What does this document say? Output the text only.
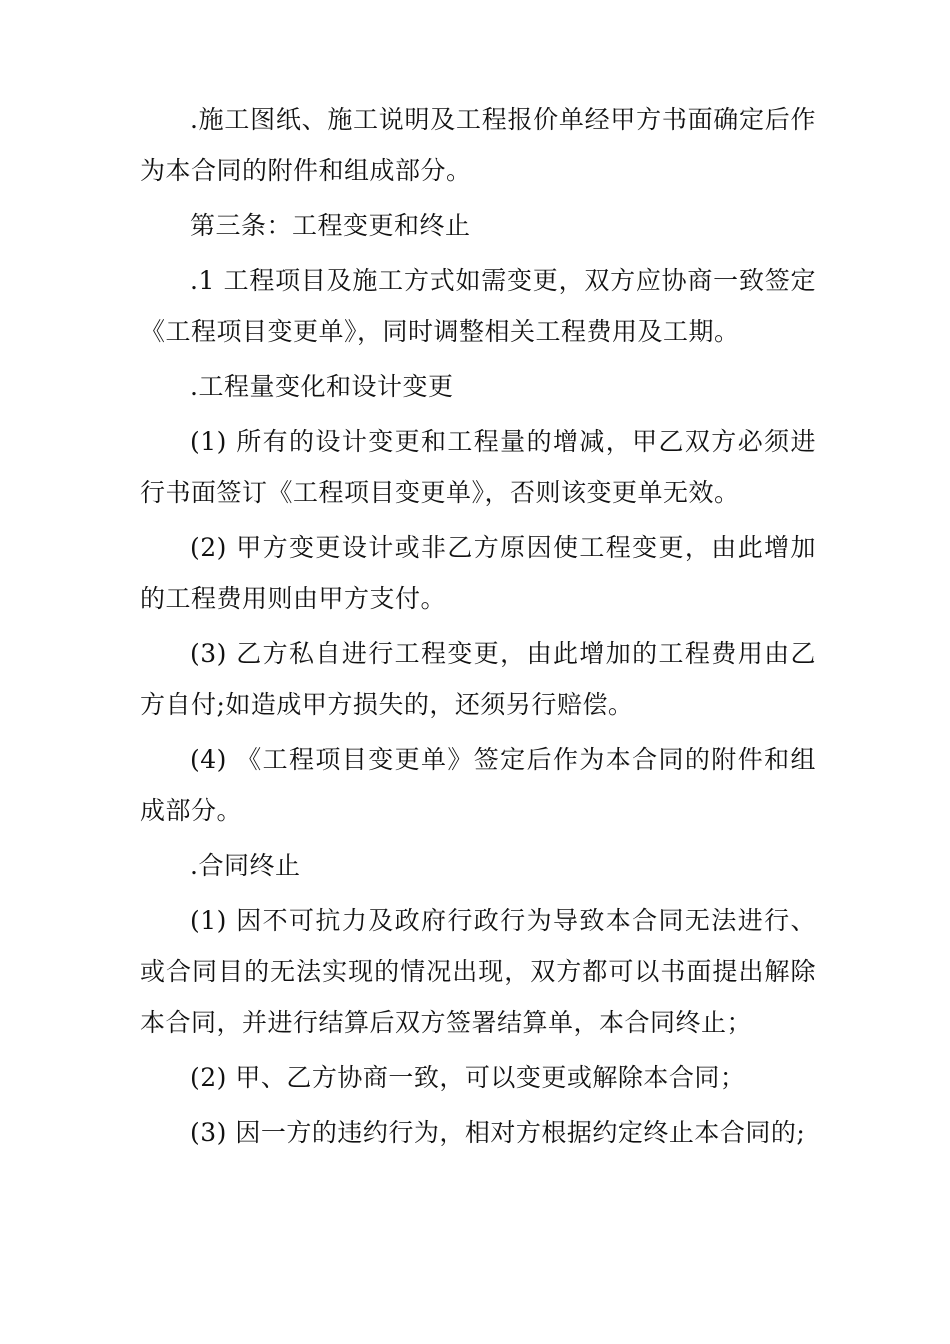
.施工图纸、施工说明及工程报价单经甲方书面确定后作为本合同的附件和组成部分。

第三条：工程变更和终止

.1 工程项目及施工方式如需变更，双方应协商一致签定《工程项目变更单》，同时调整相关工程费用及工期。

.工程量变化和设计变更

(1) 所有的设计变更和工程量的增减，甲乙双方必须进行书面签订《工程项目变更单》，否则该变更单无效。

(2) 甲方变更设计或非乙方原因使工程变更，由此增加的工程费用则由甲方支付。

(3) 乙方私自进行工程变更，由此增加的工程费用由乙方自付;如造成甲方损失的，还须另行赔偿。

(4) 《工程项目变更单》签定后作为本合同的附件和组成部分。

.合同终止

(1) 因不可抗力及政府行政行为导致本合同无法进行、或合同目的无法实现的情况出现，双方都可以书面提出解除本合同，并进行结算后双方签署结算单，本合同终止；

(2) 甲、乙方协商一致，可以变更或解除本合同；

(3) 因一方的违约行为，相对方根据约定终止本合同的;
